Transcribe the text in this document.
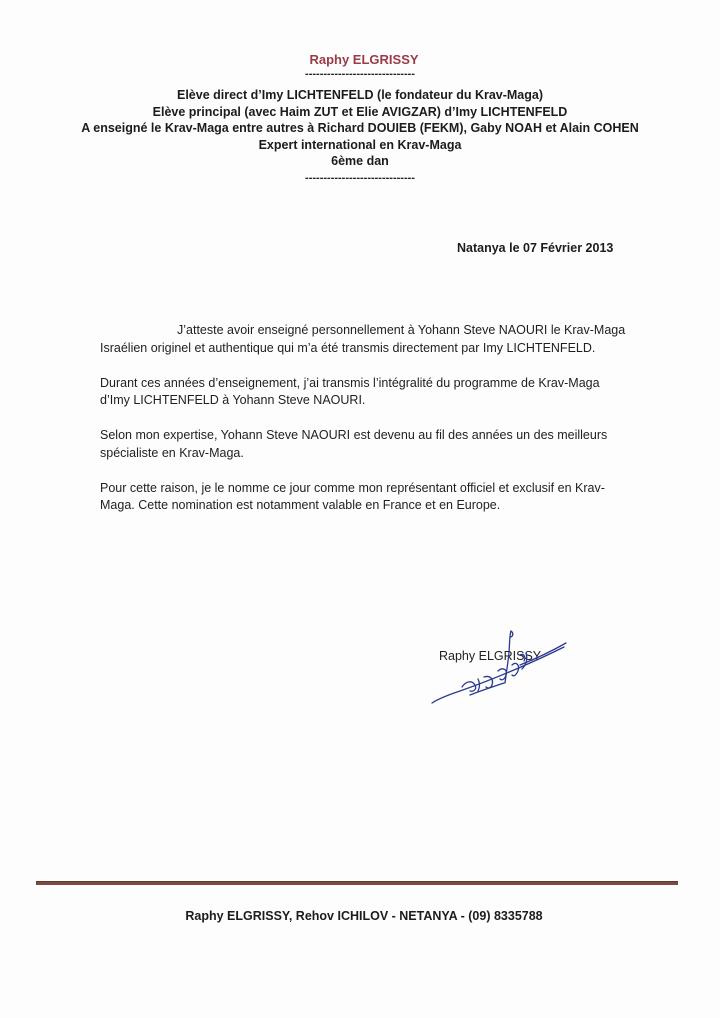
Raphy ELGRISSY
------------------------------
Elève direct d’Imy LICHTENFELD (le fondateur du Krav-Maga)
Elève principal (avec Haim ZUT et Elie AVIGZAR) d’Imy LICHTENFELD
A enseigné le Krav-Maga entre autres à Richard DOUIEB (FEKM), Gaby NOAH et Alain COHEN
Expert international en Krav-Maga
6ème dan
------------------------------
Natanya le 07 Février 2013

J’atteste avoir enseigné personnellement à Yohann Steve NAOURI le Krav-Maga Israélien originel et authentique qui m’a été transmis directement par Imy LICHTENFELD.

Durant ces années d’enseignement, j’ai transmis l’intégralité du programme de Krav-Maga d’Imy LICHTENFELD à Yohann Steve NAOURI.

Selon mon expertise, Yohann Steve NAOURI est devenu au fil des années un des meilleurs spécialiste en Krav-Maga.

Pour cette raison, je le nomme ce jour comme mon représentant officiel et exclusif en Krav-Maga. Cette nomination est notamment valable en France et en Europe.

Raphy ELGRISSY
Raphy ELGRISSY, Rehov ICHILOV - NETANYA - (09) 8335788
